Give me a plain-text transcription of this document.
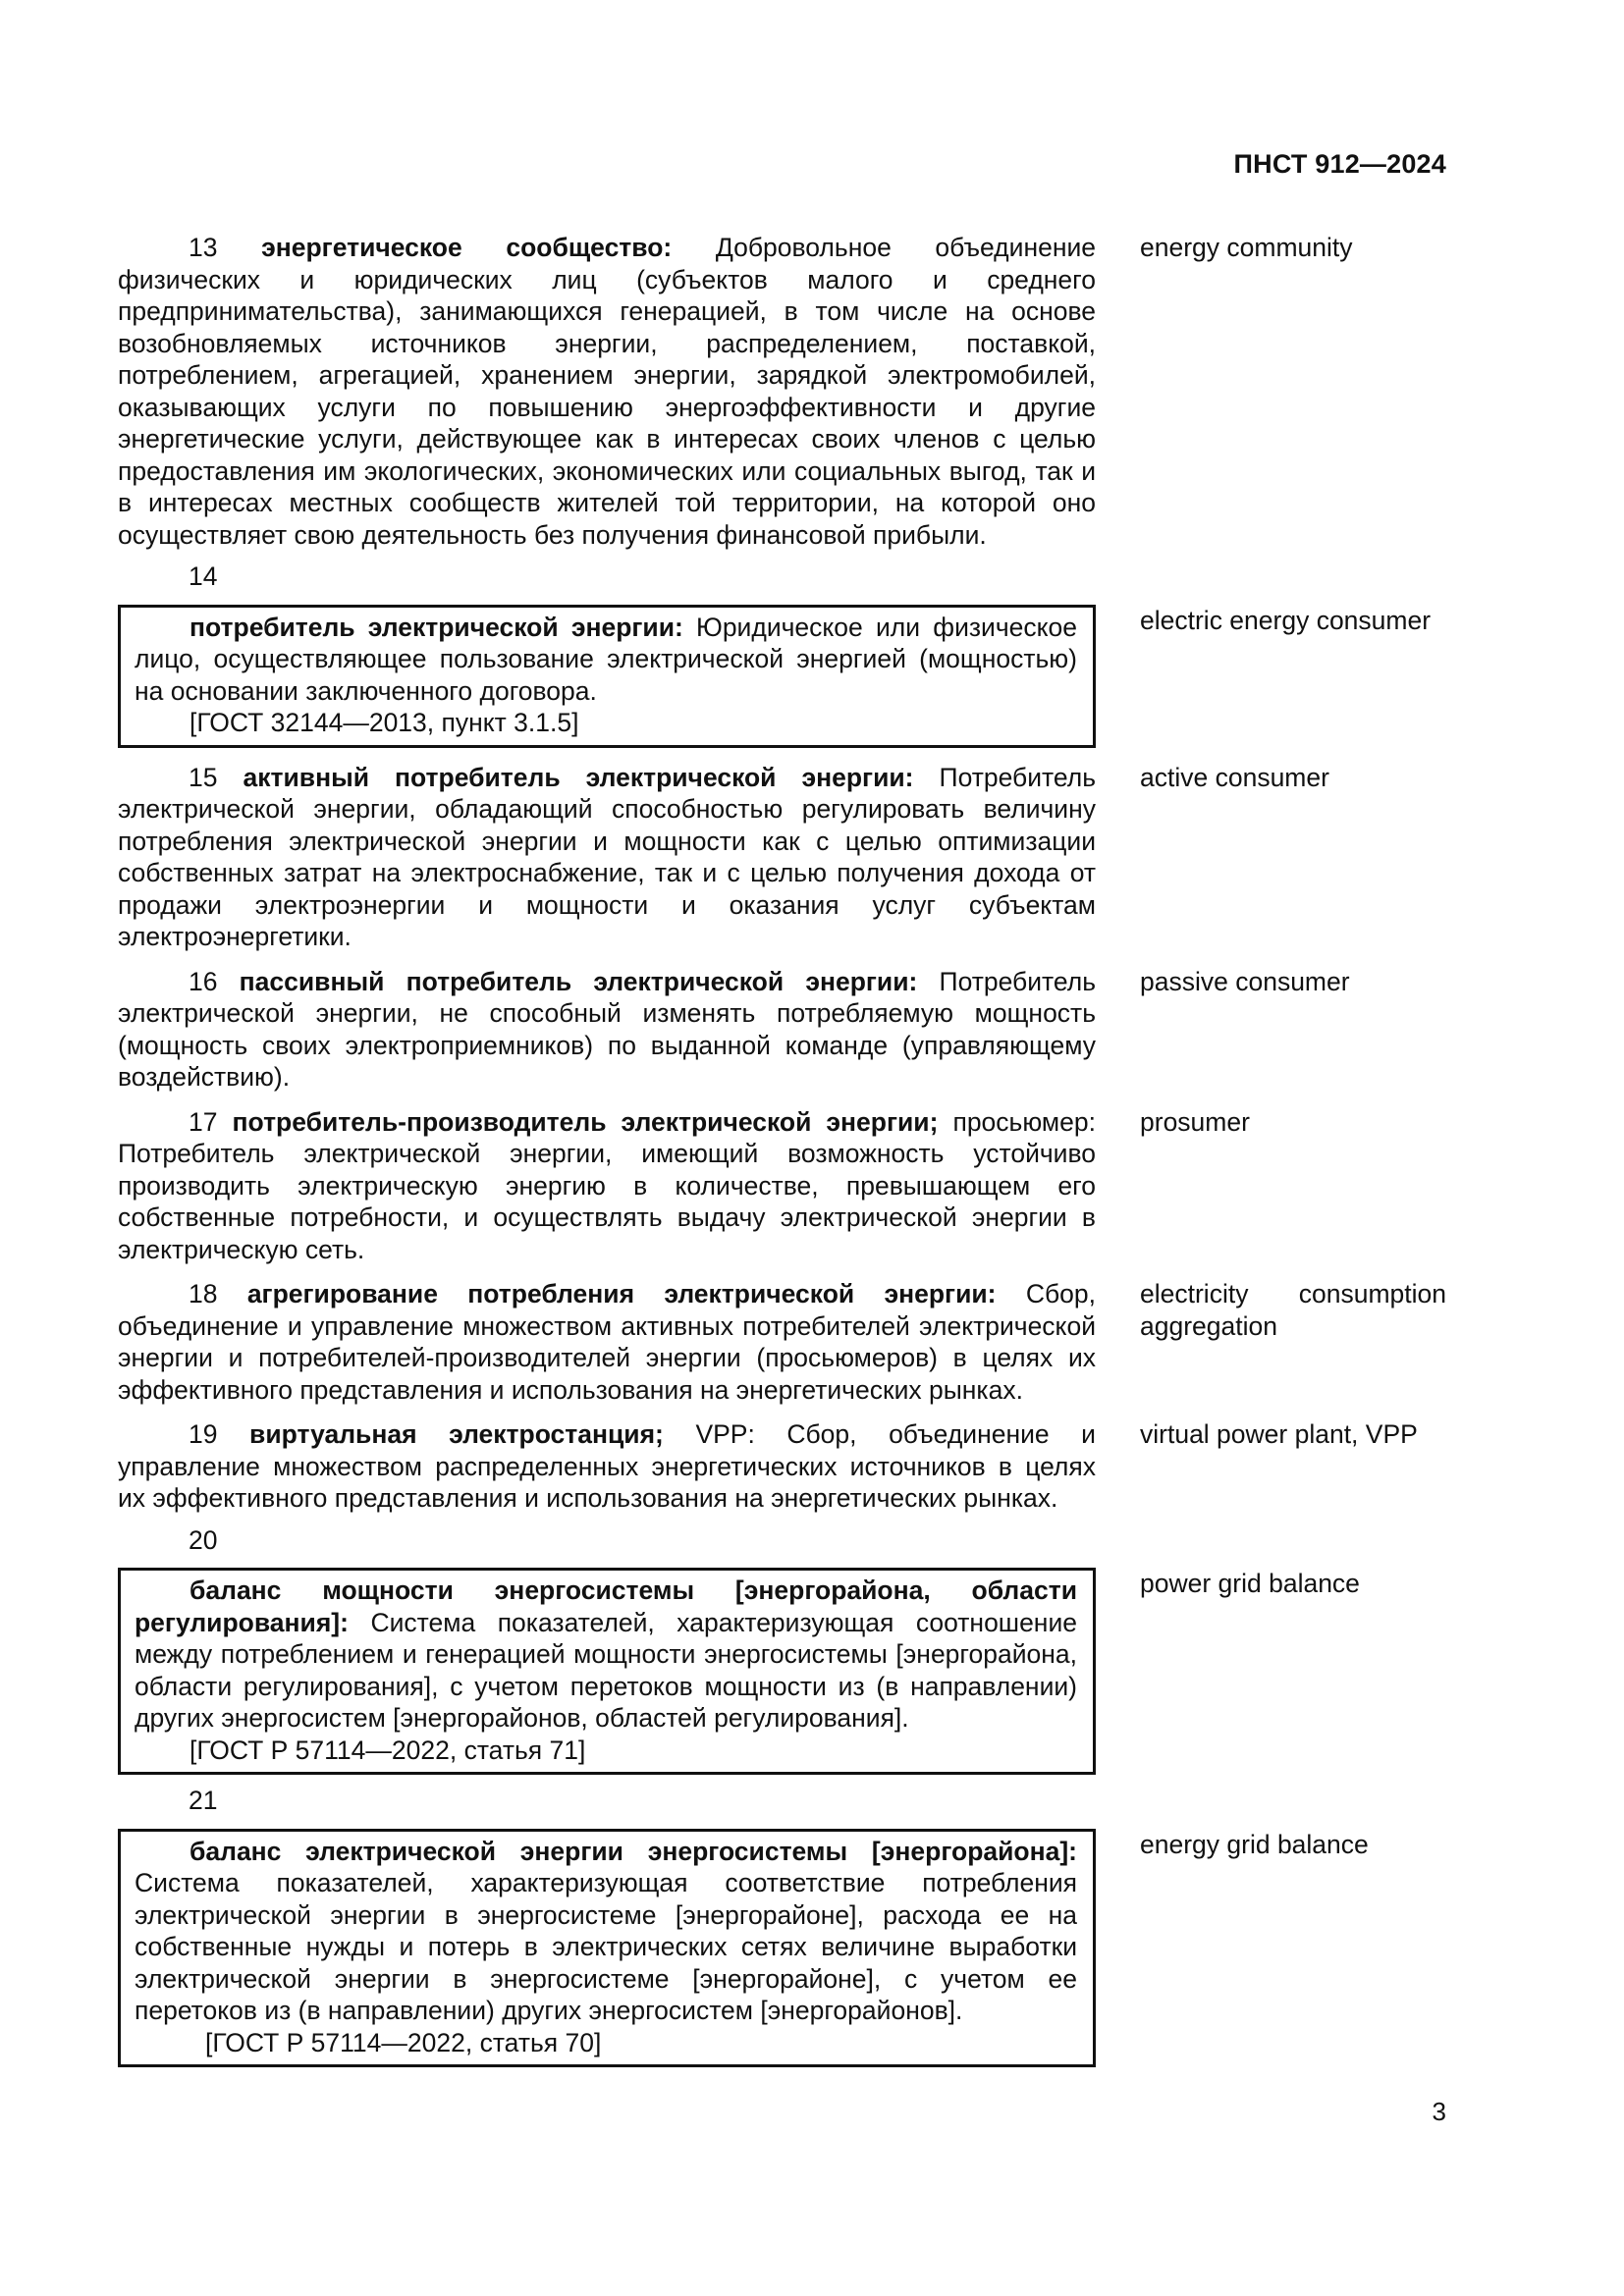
ПНСТ 912—2024
13 энергетическое сообщество: Добровольное объединение физических и юридических лиц (субъектов малого и среднего предпринимательства), занимающихся генерацией, в том числе на основе возобновляемых источников энергии, распределением, поставкой, потреблением, агрегацией, хранением энергии, зарядкой электромобилей, оказывающих услуги по повышению энергоэффективности и другие энергетические услуги, действующее как в интересах своих членов с целью предоставления им экологических, экономических или социальных выгод, так и в интересах местных сообществ жителей той территории, на которой оно осуществляет свою деятельность без получения финансовой прибыли.
energy community
14
потребитель электрической энергии: Юридическое или физическое лицо, осуществляющее пользование электрической энергией (мощностью) на основании заключенного договора.
[ГОСТ 32144—2013, пункт 3.1.5]
electric energy consumer
15 активный потребитель электрической энергии: Потребитель электрической энергии, обладающий способностью регулировать величину потребления электрической энергии и мощности как с целью оптимизации собственных затрат на электроснабжение, так и с целью получения дохода от продажи электроэнергии и мощности и оказания услуг субъектам электроэнергетики.
active consumer
16 пассивный потребитель электрической энергии: Потребитель электрической энергии, не способный изменять потребляемую мощность (мощность своих электроприемников) по выданной команде (управляющему воздействию).
passive consumer
17 потребитель-производитель электрической энергии; просьюмер: Потребитель электрической энергии, имеющий возможность устойчиво производить электрическую энергию в количестве, превышающем его собственные потребности, и осуществлять выдачу электрической энергии в электрическую сеть.
prosumer
18 агрегирование потребления электрической энергии: Сбор, объединение и управление множеством активных потребителей электрической энергии и потребителей-производителей энергии (просьюмеров) в целях их эффективного представления и использования на энергетических рынках.
electricity consumption aggregation
19 виртуальная электростанция; VPP: Сбор, объединение и управление множеством распределенных энергетических источников в целях их эффективного представления и использования на энергетических рынках.
virtual power plant, VPP
20
баланс мощности энергосистемы [энергорайона, области регулирования]: Система показателей, характеризующая соотношение между потреблением и генерацией мощности энергосистемы [энергорайона, области регулирования], с учетом перетоков мощности из (в направлении) других энергосистем [энергорайонов, областей регулирования].
[ГОСТ Р 57114—2022, статья 71]
power grid balance
21
баланс электрической энергии энергосистемы [энергорайона]: Система показателей, характеризующая соответствие потребления электрической энергии в энергосистеме [энергорайоне], расхода ее на собственные нужды и потерь в электрических сетях величине выработки электрической энергии в энергосистеме [энергорайоне], с учетом ее перетоков из (в направлении) других энергосистем [энергорайонов].
[ГОСТ Р 57114—2022, статья 70]
energy grid balance
3
